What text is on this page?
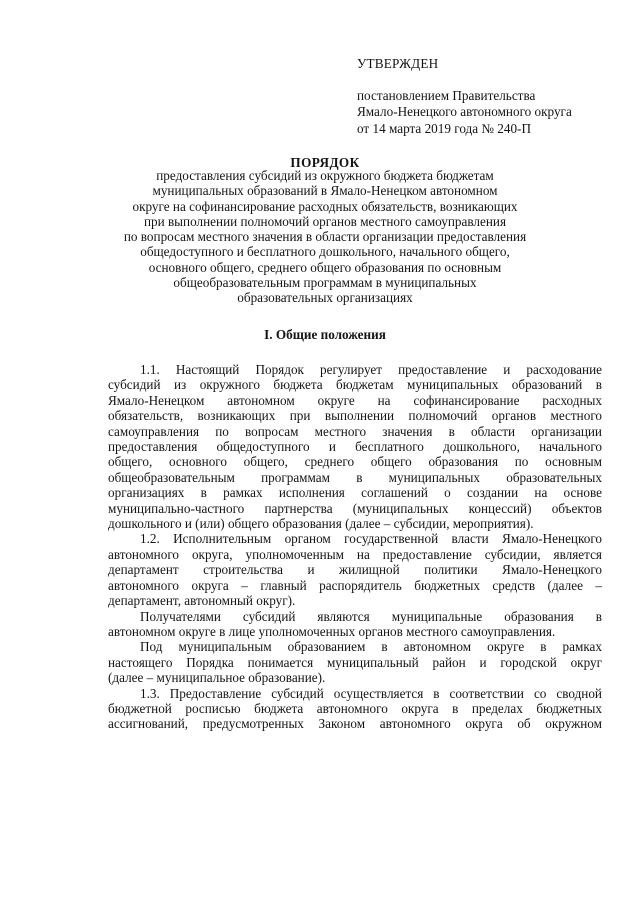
УТВЕРЖДЕН
постановлением Правительства
Ямало-Ненецкого автономного округа
от 14 марта 2019 года № 240-П
ПОРЯДОК
предоставления субсидий из окружного бюджета бюджетам
муниципальных образований в Ямало-Ненецком автономном
округе на софинансирование расходных обязательств, возникающих
при выполнении полномочий органов местного самоуправления
по вопросам местного значения в области организации предоставления
общедоступного и бесплатного дошкольного, начального общего,
основного общего, среднего общего образования по основным
общеобразовательным программам в муниципальных
образовательных организациях
I. Общие положения
1.1. Настоящий Порядок регулирует предоставление и расходование
субсидий из окружного бюджета бюджетам муниципальных образований в
Ямало-Ненецком автономном округе на софинансирование расходных
обязательств, возникающих при выполнении полномочий органов местного
самоуправления по вопросам местного значения в области организации
предоставления общедоступного и бесплатного дошкольного, начального
общего, основного общего, среднего общего образования по основным
общеобразовательным программам в муниципальных образовательных
организациях в рамках исполнения соглашений о создании на основе
муниципально-частного партнерства (муниципальных концессий) объектов
дошкольного и (или) общего образования (далее – субсидии, мероприятия).
1.2. Исполнительным органом государственной власти Ямало-Ненецкого
автономного округа, уполномоченным на предоставление субсидии, является
департамент строительства и жилищной политики Ямало-Ненецкого
автономного округа – главный распорядитель бюджетных средств (далее –
департамент, автономный округ).
Получателями субсидий являются муниципальные образования в
автономном округе в лице уполномоченных органов местного самоуправления.
Под муниципальным образованием в автономном округе в рамках
настоящего Порядка понимается муниципальный район и городской округ
(далее – муниципальное образование).
1.3. Предоставление субсидий осуществляется в соответствии со сводной
бюджетной росписью бюджета автономного округа в пределах бюджетных
ассигнований, предусмотренных Законом автономного округа об окружном
